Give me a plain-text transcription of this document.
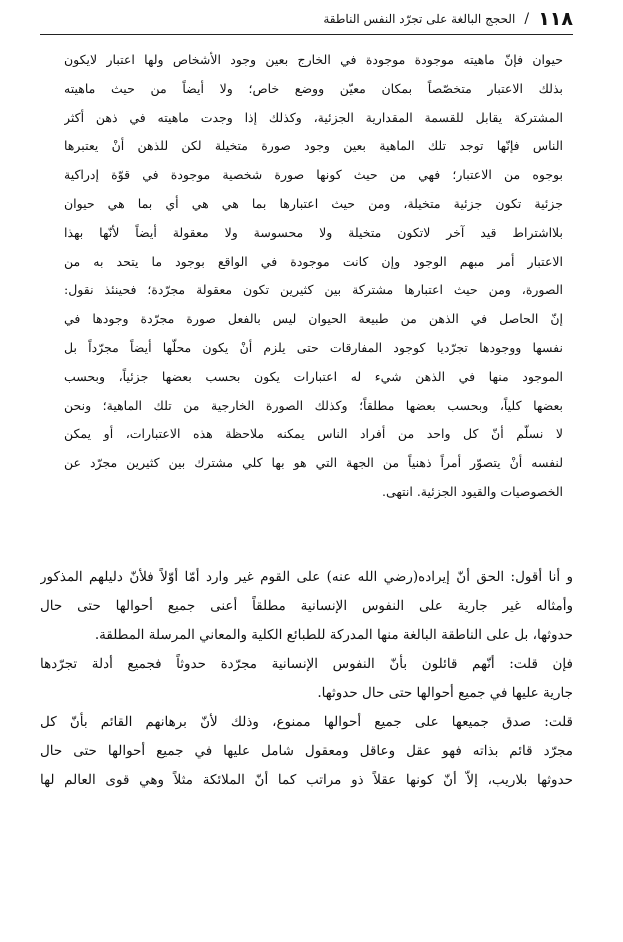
١١٨ / الحجج البالغة على تجرّد النفس الناطقة
حيوان فإنّ ماهيته موجودة موجودة في الخارج بعين وجود الأشخاص ولها اعتبار لايكون
بذلك الاعتبار متخصّصاً بمكان معيّن ووضع خاص؛ ولا أيضاً من حيث ماهيته
المشتركة يقابل للقسمة المقدارية الجزئية، وكذلك إذا وجدت ماهيته في ذهن أكثر
الناس فإنّها توجد تلك الماهية بعين وجود صورة متخيلة لكن للذهن أنْ يعتبرها
بوجوه من الاعتبار؛ فهي من حيث كونها صورة شخصية موجودة في قوّة إدراكية
جزئية تكون جزئية متخيلة، ومن حيث اعتبارها بما هي هي أي بما هي حيوان
بلااشتراط قيد آخر لاتكون متخيلة ولا محسوسة ولا معقولة أيضاً لأنّها بهذا
الاعتبار أمر مبهم الوجود وإن كانت موجودة في الواقع بوجود ما يتحد به من
الصورة، ومن حيث اعتبارها مشتركة بين كثيرين تكون معقولة مجرّدة؛ فحينئذ نقول:
إنّ الحاصل في الذهن من طبيعة الحيوان ليس بالفعل صورة مجرّدة وجودها في
نفسها ووجودها تجرّديا كوجود المفارقات حتى يلزم أنْ يكون محلّها أيضاً مجرّداً بل
الموجود منها في الذهن شيء له اعتبارات يكون بحسب بعضها جزئياً، وبحسب
بعضها كلياً، وبحسب بعضها مطلقاً؛ وكذلك الصورة الخارجية من تلك الماهية؛ ونحن
لا نسلّم أنّ كل واحد من أفراد الناس يمكنه ملاحظة هذه الاعتبارات، أو يمكن
لنفسه أنْ يتصوّر أمراً ذهنياً من الجهة التي هو بها كلي مشترك بين كثيرين مجرّد عن
الخصوصيات والقيود الجزئية. انتهى.
و أنا أقول: الحق أنّ إيراده(رضي الله عنه) على القوم غير وارد أمّا أوّلاً فلأنّ دليلهم المذكور
وأمثاله غير جارية على النفوس الإنسانية مطلقاً أعنى جميع أحوالها حتى حال
حدوثها، بل على الناطقة البالغة منها المدركة للطبائع الكلية والمعاني المرسلة المطلقة.
فإن قلت: أنّهم قائلون بأنّ النفوس الإنسانية مجرّدة حدوثاً فجميع أدلة تجرّدها
جارية عليها في جميع أحوالها حتى حال حدوثها.
قلت: صدق جميعها على جميع أحوالها ممنوع، وذلك لأنّ برهانهم القائم بأنّ كل
مجرّد قائم بذاته فهو عقل وعاقل ومعقول شامل عليها في جميع أحوالها حتى حال
حدوثها بلاريب، إلاّ أنّ كونها عقلاً ذو مراتب كما أنّ الملائكة مثلاً وهي قوى العالم لها
